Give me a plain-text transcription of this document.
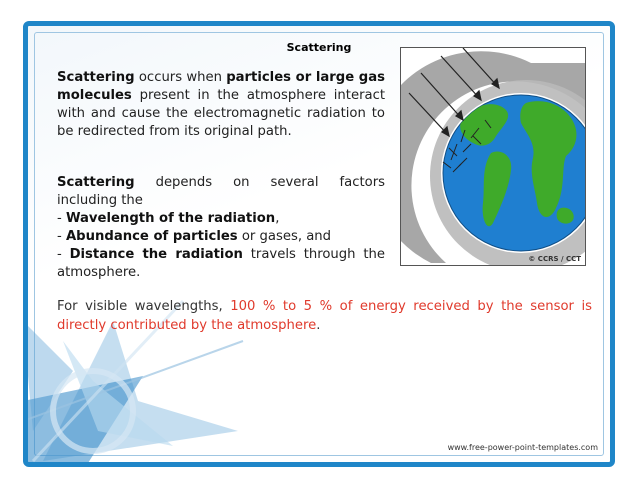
Scattering
Scattering occurs when particles or large gas molecules present in the atmosphere interact with and cause the electromagnetic radiation to be redirected from its original path.
Scattering depends on several factors
including the
- Wavelength of the radiation,
- Abundance of particles or gases, and
- Distance the radiation travels through the
atmosphere.
For visible wavelengths, 100 % to 5 % of energy received by the sensor is directly contributed by the atmosphere.
© CCRS / CCT
www.free-power-point-templates.com
